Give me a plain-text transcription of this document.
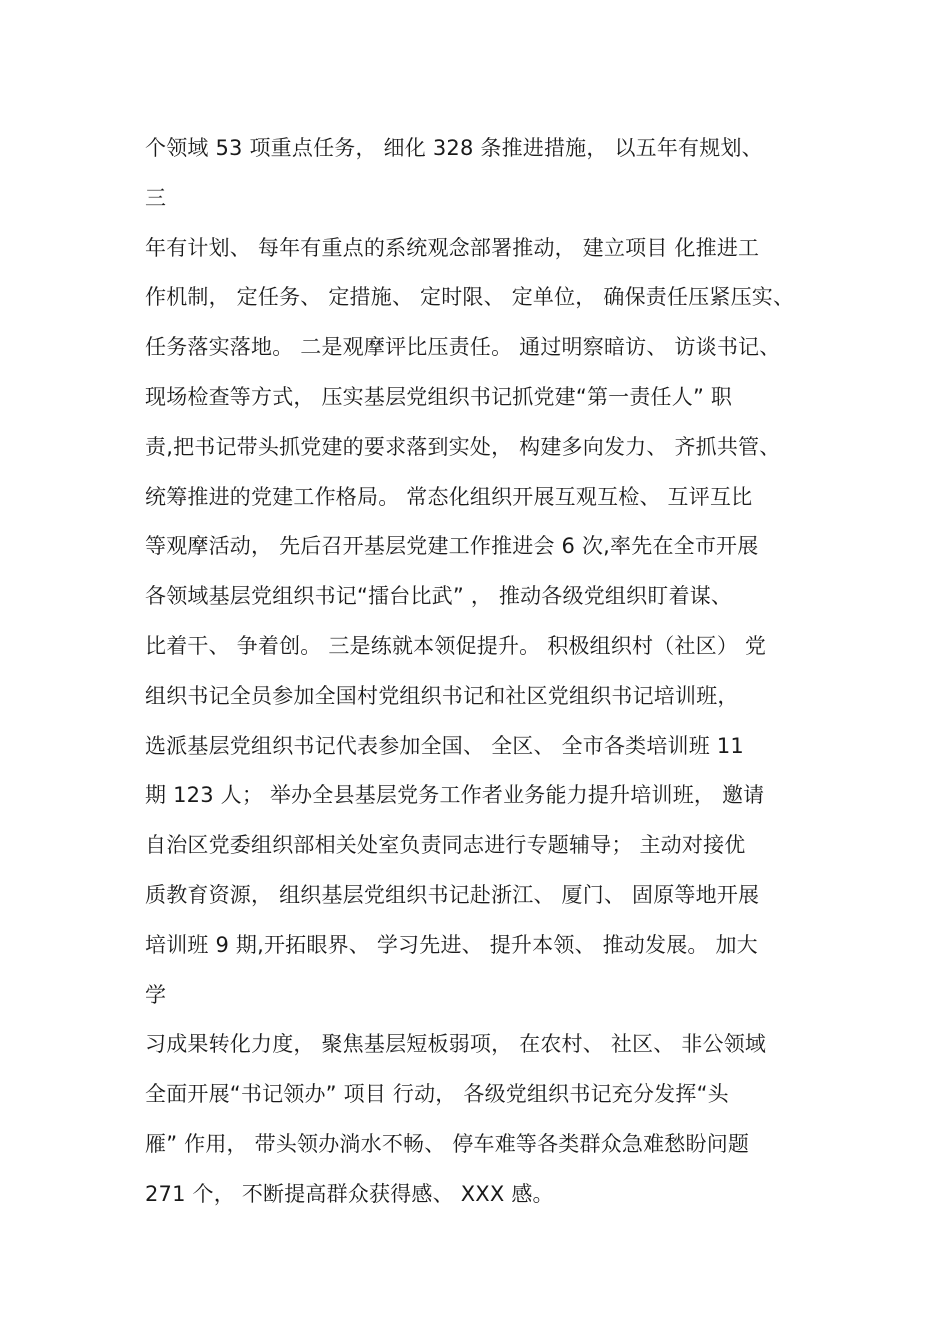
个领域 53 项重点任务， 细化 328 条推进措施， 以五年有规划、
三
年有计划、 每年有重点的系统观念部署推动， 建立项目 化推进工
作机制， 定任务、 定措施、 定时限、 定单位， 确保责任压紧压实、
任务落实落地。 二是观摩评比压责任。 通过明察暗访、 访谈书记、
现场检查等方式， 压实基层党组织书记抓党建“第一责任人” 职
责,把书记带头抓党建的要求落到实处， 构建多向发力、 齐抓共管、
统筹推进的党建工作格局。 常态化组织开展互观互检、 互评互比
等观摩活动， 先后召开基层党建工作推进会 6 次,率先在全市开展
各领域基层党组织书记“擂台比武” ， 推动各级党组织盯着谋、
比着干、 争着创。 三是练就本领促提升。 积极组织村（社区） 党
组织书记全员参加全国村党组织书记和社区党组织书记培训班，
选派基层党组织书记代表参加全国、 全区、 全市各类培训班 11
期 123 人； 举办全县基层党务工作者业务能力提升培训班， 邀请
自治区党委组织部相关处室负责同志进行专题辅导； 主动对接优
质教育资源， 组织基层党组织书记赴浙江、 厦门、 固原等地开展
培训班 9 期,开拓眼界、 学习先进、 提升本领、 推动发展。 加大
学
习成果转化力度， 聚焦基层短板弱项， 在农村、 社区、 非公领域
全面开展“书记领办” 项目 行动， 各级党组织书记充分发挥“头
雁” 作用， 带头领办淌水不畅、 停车难等各类群众急难愁盼问题
271 个， 不断提高群众获得感、 XXX 感。
